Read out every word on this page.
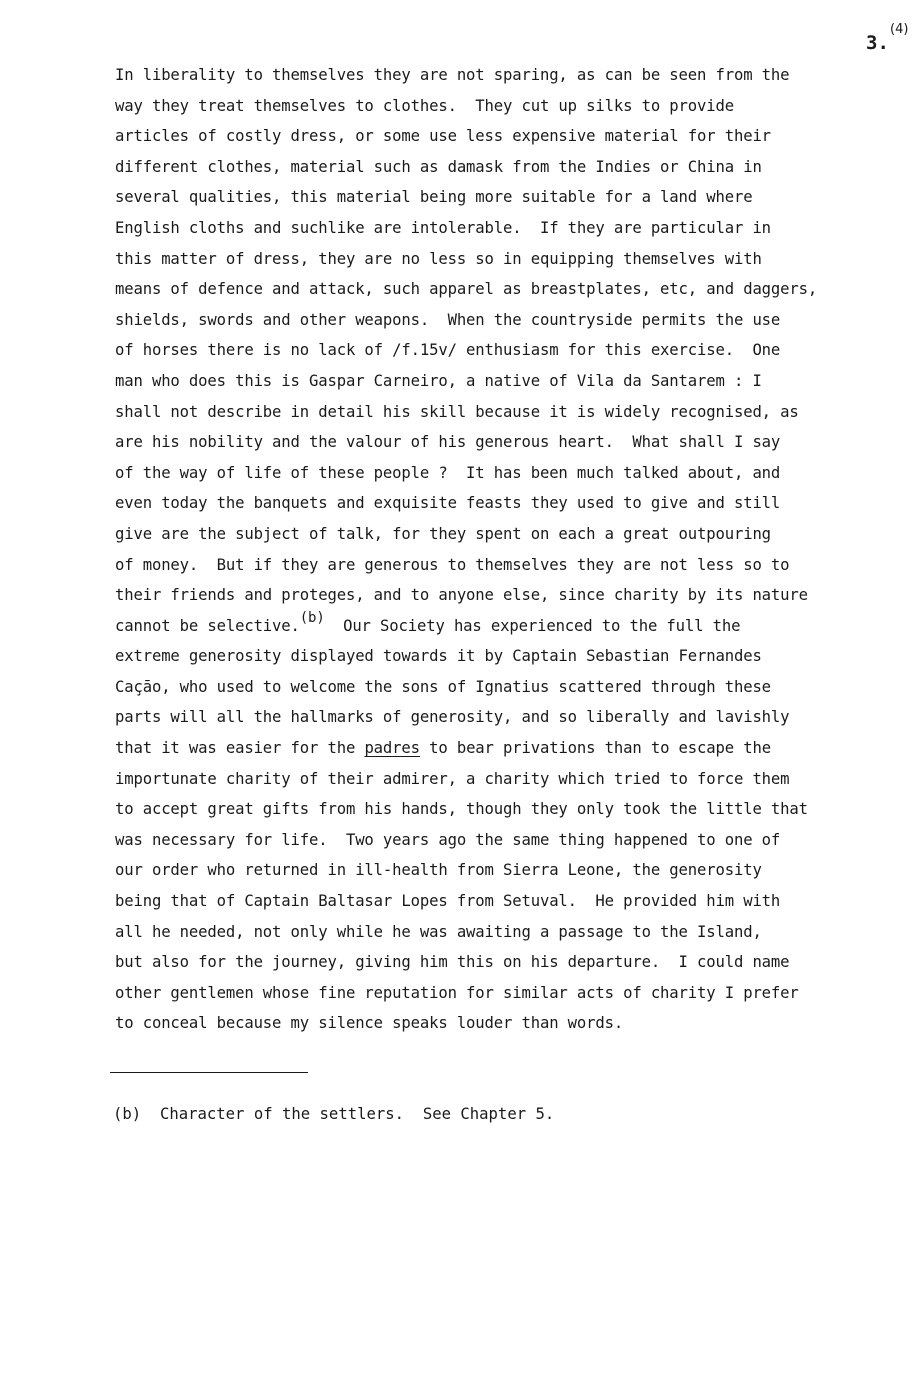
3.
(4)
In liberality to themselves they are not sparing, as can be seen from the
way they treat themselves to clothes.  They cut up silks to provide
articles of costly dress, or some use less expensive material for their
different clothes, material such as damask from the Indies or China in
several qualities, this material being more suitable for a land where
English cloths and suchlike are intolerable.  If they are particular in
this matter of dress, they are no less so in equipping themselves with
means of defence and attack, such apparel as breastplates, etc, and daggers,
shields, swords and other weapons.  When the countryside permits the use
of horses there is no lack of /f.15v/ enthusiasm for this exercise.  One
man who does this is Gaspar Carneiro, a native of Vila da Santarem : I
shall not describe in detail his skill because it is widely recognised, as
are his nobility and the valour of his generous heart.  What shall I say
of the way of life of these people ?  It has been much talked about, and
even today the banquets and exquisite feasts they used to give and still
give are the subject of talk, for they spent on each a great outpouring
of money.  But if they are generous to themselves they are not less so to
their friends and proteges, and to anyone else, since charity by its nature
cannot be selective.(b)  Our Society has experienced to the full the
extreme generosity displayed towards it by Captain Sebastian Fernandes
Caçāo, who used to welcome the sons of Ignatius scattered through these
parts will all the hallmarks of generosity, and so liberally and lavishly
that it was easier for the padres to bear privations than to escape the
importunate charity of their admirer, a charity which tried to force them
to accept great gifts from his hands, though they only took the little that
was necessary for life.  Two years ago the same thing happened to one of
our order who returned in ill-health from Sierra Leone, the generosity
being that of Captain Baltasar Lopes from Setuval.  He provided him with
all he needed, not only while he was awaiting a passage to the Island,
but also for the journey, giving him this on his departure.  I could name
other gentlemen whose fine reputation for similar acts of charity I prefer
to conceal because my silence speaks louder than words.
(b)  Character of the settlers.  See Chapter 5.
